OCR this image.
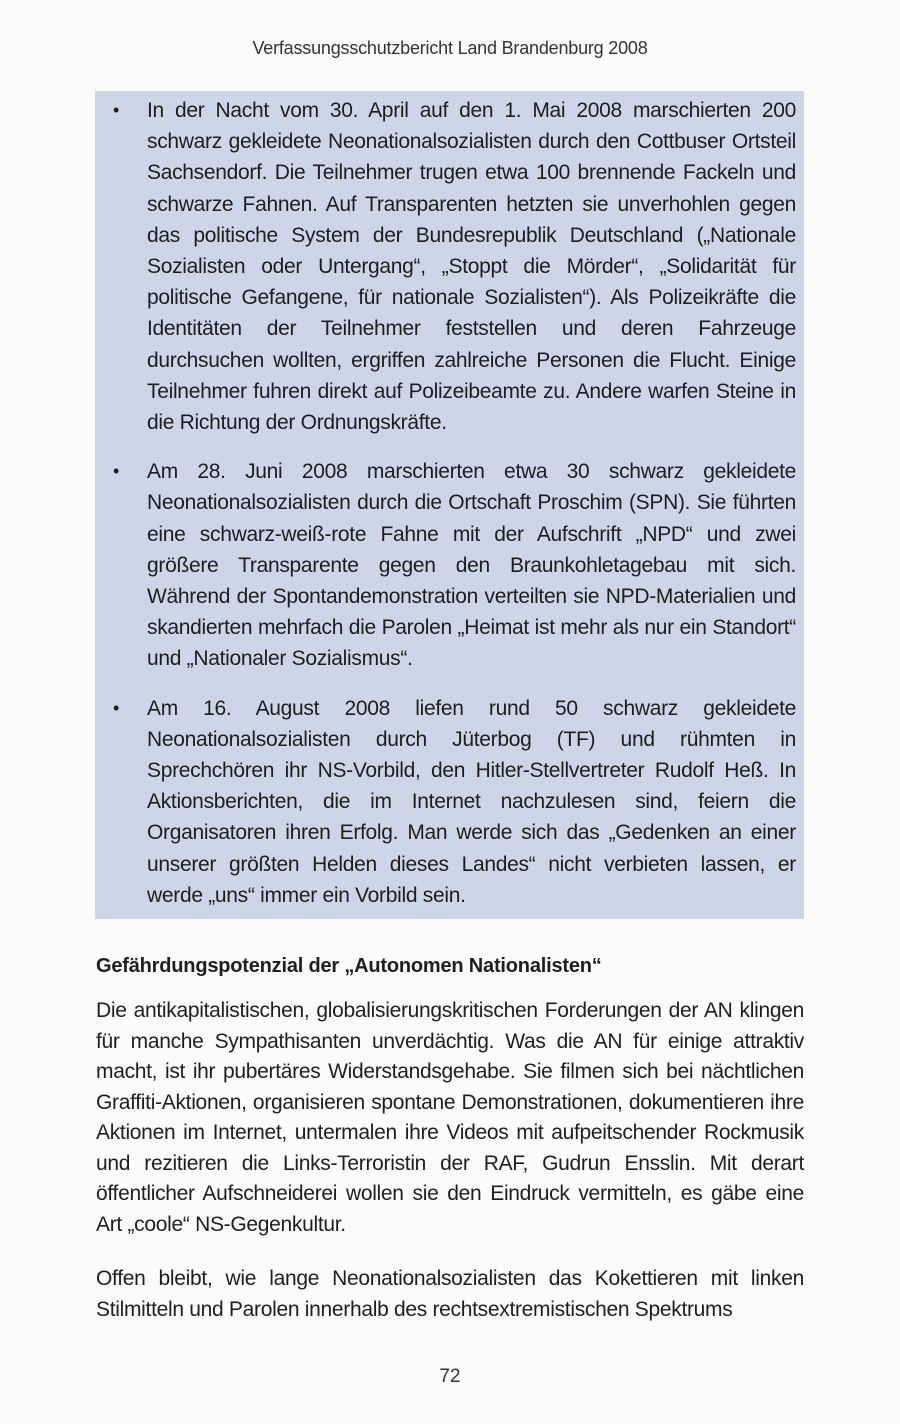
Verfassungsschutzbericht Land Brandenburg 2008
• In der Nacht vom 30. April auf den 1. Mai 2008 marschierten 200 schwarz gekleidete Neonationalsozialisten durch den Cottbuser Ortsteil Sachsendorf. Die Teilnehmer trugen etwa 100 brennende Fackeln und schwarze Fahnen. Auf Transparenten hetzten sie unverhohlen gegen das politische System der Bundesrepublik Deutschland („Nationale Sozialisten oder Untergang“, „Stoppt die Mörder“, „Solidarität für politische Gefangene, für nationale Sozialisten“). Als Polizeikräfte die Identitäten der Teilnehmer feststellen und deren Fahrzeuge durchsuchen wollten, ergriffen zahlreiche Personen die Flucht. Einige Teilnehmer fuhren direkt auf Polizeibeamte zu. Andere warfen Steine in die Richtung der Ordnungskräfte.
• Am 28. Juni 2008 marschierten etwa 30 schwarz gekleidete Neonationalsozialisten durch die Ortschaft Proschim (SPN). Sie führten eine schwarz-weiß-rote Fahne mit der Aufschrift „NPD“ und zwei größere Transparente gegen den Braunkohletagebau mit sich. Während der Spontandemonstration verteilten sie NPD-Materialien und skandierten mehrfach die Parolen „Heimat ist mehr als nur ein Standort“ und „Nationaler Sozialismus“.
• Am 16. August 2008 liefen rund 50 schwarz gekleidete Neonationalsozialisten durch Jüterbog (TF) und rühmten in Sprechchören ihr NS-Vorbild, den Hitler-Stellvertreter Rudolf Heß. In Aktionsberichten, die im Internet nachzulesen sind, feiern die Organisatoren ihren Erfolg. Man werde sich das „Gedenken an einer unserer größten Helden dieses Landes“ nicht verbieten lassen, er werde „uns“ immer ein Vorbild sein.
Gefährdungspotenzial der „Autonomen Nationalisten“
Die antikapitalistischen, globalisierungskritischen Forderungen der AN klingen für manche Sympathisanten unverdächtig. Was die AN für einige attraktiv macht, ist ihr pubertäres Widerstandsgehabe. Sie filmen sich bei nächtlichen Graffiti-Aktionen, organisieren spontane Demonstrationen, dokumentieren ihre Aktionen im Internet, untermalen ihre Videos mit aufpeitschender Rockmusik und rezitieren die Links-Terroristin der RAF, Gudrun Ensslin. Mit derart öffentlicher Aufschneiderei wollen sie den Eindruck vermitteln, es gäbe eine Art „coole“ NS-Gegenkultur.
Offen bleibt, wie lange Neonationalsozialisten das Kokettieren mit linken Stilmitteln und Parolen innerhalb des rechtsextremistischen Spektrums
72
